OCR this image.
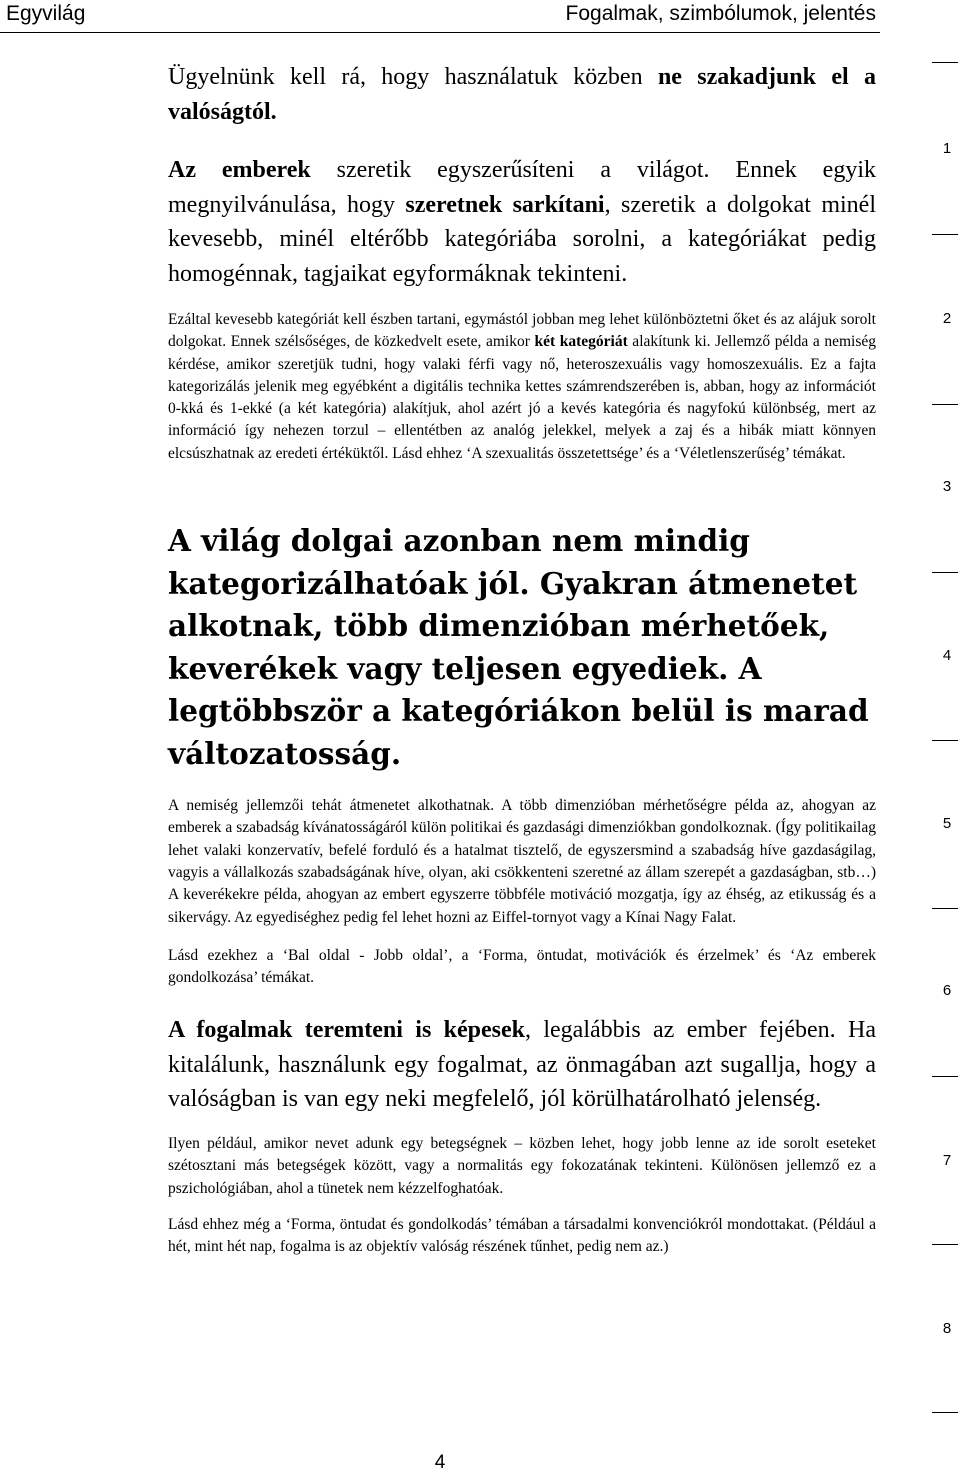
Egyvilág	Fogalmak, szimbólumok, jelentés

Ügyelnünk kell rá, hogy használatuk közben ne szakadjunk el a valóságtól.

Az emberek szeretik egyszerűsíteni a világot. Ennek egyik megnyilvánulása, hogy szeretnek sarkítani, szeretik a dolgokat minél kevesebb, minél eltérőbb kategóriába sorolni, a kategóriákat pedig homogénnak, tagjaikat egyformáknak tekinteni.

Ezáltal kevesebb kategóriát kell észben tartani, egymástól jobban meg lehet különböztetni őket és az alájuk sorolt dolgokat. Ennek szélsőséges, de közkedvelt esete, amikor két kategóriát alakítunk ki. Jellemző példa a nemiség kérdése, amikor szeretjük tudni, hogy valaki férfi vagy nő, heteroszexuális vagy homoszexuális. Ez a fajta kategorizálás jelenik meg egyébként a digitális technika kettes számrendszerében is, abban, hogy az információt 0-kká és 1-ekké (a két kategória) alakítjuk, ahol azért jó a kevés kategória és nagyfokú különbség, mert az információ így nehezen torzul – ellentétben az analóg jelekkel, melyek a zaj és a hibák miatt könnyen elcsúszhatnak az eredeti értéküktől. Lásd ehhez ‘A szexualitás összetettsége’ és a ‘Véletlenszerűség’ témákat.

A világ dolgai azonban nem mindig kategorizálhatóak jól. Gyakran átmenetet alkotnak, több dimenzióban mérhetőek, keverékek vagy teljesen egyediek. A legtöbbször a kategóriákon belül is marad változatosság.

A nemiség jellemzői tehát átmenetet alkothatnak. A több dimenzióban mérhetőségre példa az, ahogyan az emberek a szabadság kívánatosságáról külön politikai és gazdasági dimenziókban gondolkoznak. (Így politikailag lehet valaki konzervatív, befelé forduló és a hatalmat tisztelő, de egyszersmind a szabadság híve gazdaságilag, vagyis a vállalkozás szabadságának híve, olyan, aki csökkenteni szeretné az állam szerepét a gazdaságban, stb…) A keverékekre példa, ahogyan az embert egyszerre többféle motiváció mozgatja, így az éhség, az etikusság és a sikervágy. Az egyediséghez pedig fel lehet hozni az Eiffel-tornyot vagy a Kínai Nagy Falat.

Lásd ezekhez a ‘Bal oldal - Jobb oldal’, a ‘Forma, öntudat, motivációk és érzelmek’ és ‘Az emberek gondolkozása’ témákat.

A fogalmak teremteni is képesek, legalábbis az ember fejében. Ha kitalálunk, használunk egy fogalmat, az önmagában azt sugallja, hogy a valóságban is van egy neki megfelelő, jól körülhatárolható jelenség.

Ilyen például, amikor nevet adunk egy betegségnek – közben lehet, hogy jobb lenne az ide sorolt eseteket szétosztani más betegségek között, vagy a normalitás egy fokozatának tekinteni. Különösen jellemző ez a pszichológiában, ahol a tünetek nem kézzelfoghatóak.

Lásd ehhez még a ‘Forma, öntudat és gondolkodás’ témában a társadalmi konvenciókról mondottakat. (Például a hét, mint hét nap, fogalma is az objektív valóság részének tűnhet, pedig nem az.)

1
2
3
4
5
6
7
8
4
